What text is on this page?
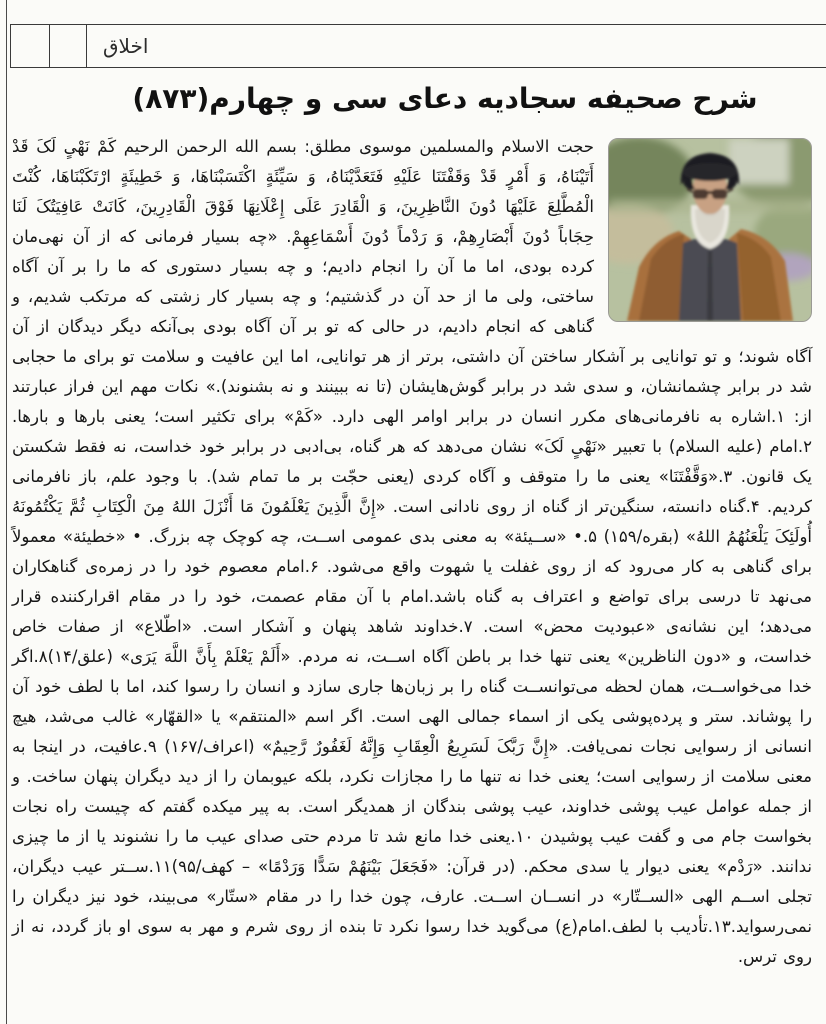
اخلاق
شرح صحیفه سجادیه دعای سی و چهارم(۸۷۳)

حجت الاسلام والمسلمین موسوی مطلق: بسم الله الرحمن الرحیم کَمْ نَهْیٍ لَکَ قَدْ أَتَیْنَاهُ، وَ أَمْرٍ قَدْ وَقَفْتَنَا عَلَیْهِ فَتَعَدَّیْنَاهُ، وَ سَیِّئَةٍ اکْتَسَبْنَاهَا، وَ خَطِیئَةٍ ارْتَکَبْنَاهَا، کُنْتَ الْمُطَّلِعَ عَلَیْهَا دُونَ النَّاظِرِینَ، وَ الْقَادِرَ عَلَی إِعْلَانِهَا فَوْقَ الْقَادِرِینَ، کَانَتْ عَافِیَتُکَ لَنَا حِجَاباً دُونَ أَبْصَارِهِمْ، وَ رَدْماً دُونَ أَسْمَاعِهِمْ. «چه بسیار فرمانی که از آن نهی‌مان کرده بودی، اما ما آن را انجام دادیم؛ و چه بسیار دستوری که ما را بر آن آگاه ساختی، ولی ما از حد آن در گذشتیم؛ و چه بسیار کار زشتی که مرتکب شدیم، و گناهی که انجام دادیم، در حالی که تو بر آن آگاه بودی بی‌آنکه دیگر دیدگان از آن آگاه شوند؛ و تو توانایی بر آشکار ساختن آن داشتی، برتر از هر توانایی، اما این عافیت و سلامت تو برای ما حجابی شد در برابر چشمانشان، و سدی شد در برابر گوش‌هایشان (تا نه ببینند و نه بشنوند).» نکات مهم این فراز عبارتند از: ۱.اشاره به نافرمانی‌های مکرر انسان در برابر اوامر الهی دارد. «کَمْ» برای تکثیر است؛ یعنی بارها و بارها. ۲.امام (علیه السلام) با تعبیر «نَهْیٍ لَکَ» نشان می‌دهد که هر گناه، بی‌ادبی در برابر خود خداست، نه فقط شکستن یک قانون. ۳.«وَقَّفْتَنَا» یعنی ما را متوقف و آگاه کردی (یعنی حجّت بر ما تمام شد). با وجود علم، باز نافرمانی کردیم. ۴.گناه دانسته، سنگین‌تر از گناه از روی نادانی است. «إِنَّ الَّذِینَ یَعْلَمُونَ مَا أَنْزَلَ اللهُ مِنَ الْکِتَابِ ثُمَّ یَکْتُمُونَهُ أُولَئِکَ یَلْعَنُهُمُ اللهُ» (بقره/۱۵۹) ۵.• «ســیئة» به معنی بدی عمومی اســت، چه کوچک چه بزرگ. • «خطیئة» معمولاً برای گناهی به کار می‌رود که از روی غفلت یا شهوت واقع می‌شود. ۶.امام معصوم خود را در زمره‌ی گناهکاران می‌نهد تا درسی برای تواضع و اعتراف به گناه باشد.امام با آن مقام عصمت، خود را در مقام اقرارکننده قرار می‌دهد؛ این نشانه‌ی «عبودیت محض» است. ۷.خداوند شاهد پنهان و آشکار است. «اطّلاع» از صفات خاص خداست، و «دون الناظرین» یعنی تنها خدا بر باطن آگاه اســت، نه مردم. «أَلَمْ یَعْلَمْ بِأَنَّ اللَّهَ یَرَی» (علق/۱۴)۸.اگر خدا می‌خواســت، همان لحظه می‌توانســت گناه را بر زبان‌ها جاری سازد و انسان را رسوا کند، اما با لطف خود آن را پوشاند. ستر و پرده‌پوشی یکی از اسماء جمالی الهی است. اگر اسم «المنتقم» یا «القهّار» غالب می‌شد، هیچ انسانی از رسوایی نجات نمی‌یافت. «إِنَّ رَبَّکَ لَسَرِیعُ الْعِقَابِ وَإِنَّهُ لَغَفُورٌ رَّحِیمٌ» (اعراف/۱۶۷) ۹.عافیت، در اینجا به معنی سلامت از رسوایی است؛ یعنی خدا نه تنها ما را مجازات نکرد، بلکه عیوبمان را از دید دیگران پنهان ساخت. و از جمله عوامل عیب پوشی خداوند، عیب پوشی بندگان از همدیگر است. به پیر میکده گفتم که چیست راه نجات بخواست جام می و گفت عیب پوشیدن ۱۰.یعنی خدا مانع شد تا مردم حتی صدای عیب ما را نشنوند یا از ما چیزی ندانند. «رَدْم» یعنی دیوار یا سدی محکم. (در قرآن: «فَجَعَلَ بَیْنَهُمْ سَدًّا وَرَدْمًا» – کهف/۹۵)۱۱.ســتر عیب دیگران، تجلی اســم الهی «الســتّار» در انســان اســت. عارف، چون خدا را در مقام «ستّار» می‌بیند، خود نیز دیگران را نمی‌رسواید.۱۳.تأدیب با لطف.امام(ع) می‌گوید خدا رسوا نکرد تا بنده از روی شرم و مهر به سوی او باز گردد، نه از روی ترس.
